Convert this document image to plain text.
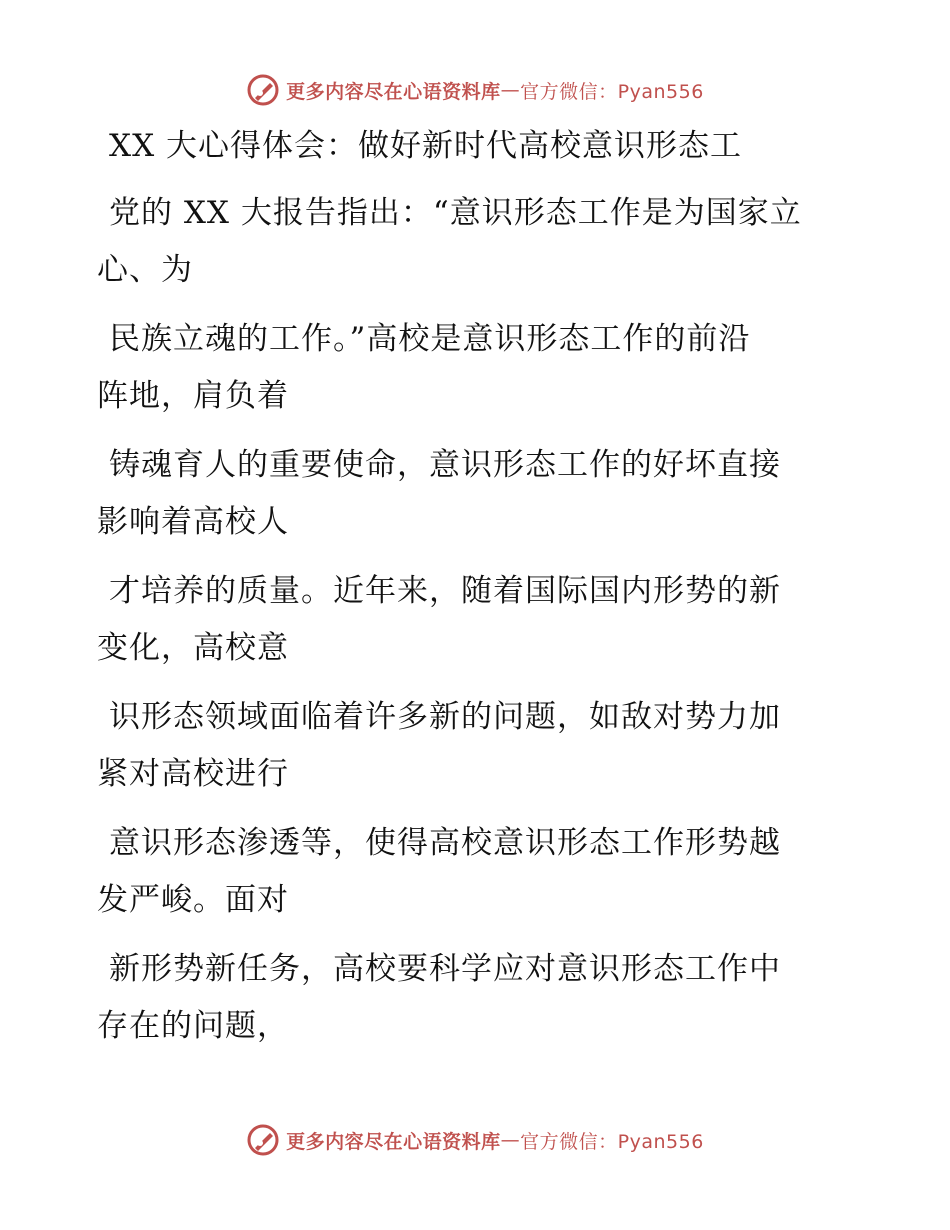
更多内容尽在心语资料库 — 官方微信：Pyan556
XX 大心得体会：做好新时代高校意识形态工
党的 XX 大报告指出：“意识形态工作是为国家立
心、为
民族立魂的工作。”高校是意识形态工作的前沿
阵地，肩负着
铸魂育人的重要使命，意识形态工作的好坏直接
影响着高校人
才培养的质量。近年来，随着国际国内形势的新
变化，高校意
识形态领域面临着许多新的问题，如敌对势力加
紧对高校进行
意识形态渗透等，使得高校意识形态工作形势越
发严峻。面对
新形势新任务，高校要科学应对意识形态工作中
存在的问题，
更多内容尽在心语资料库 — 官方微信：Pyan556
